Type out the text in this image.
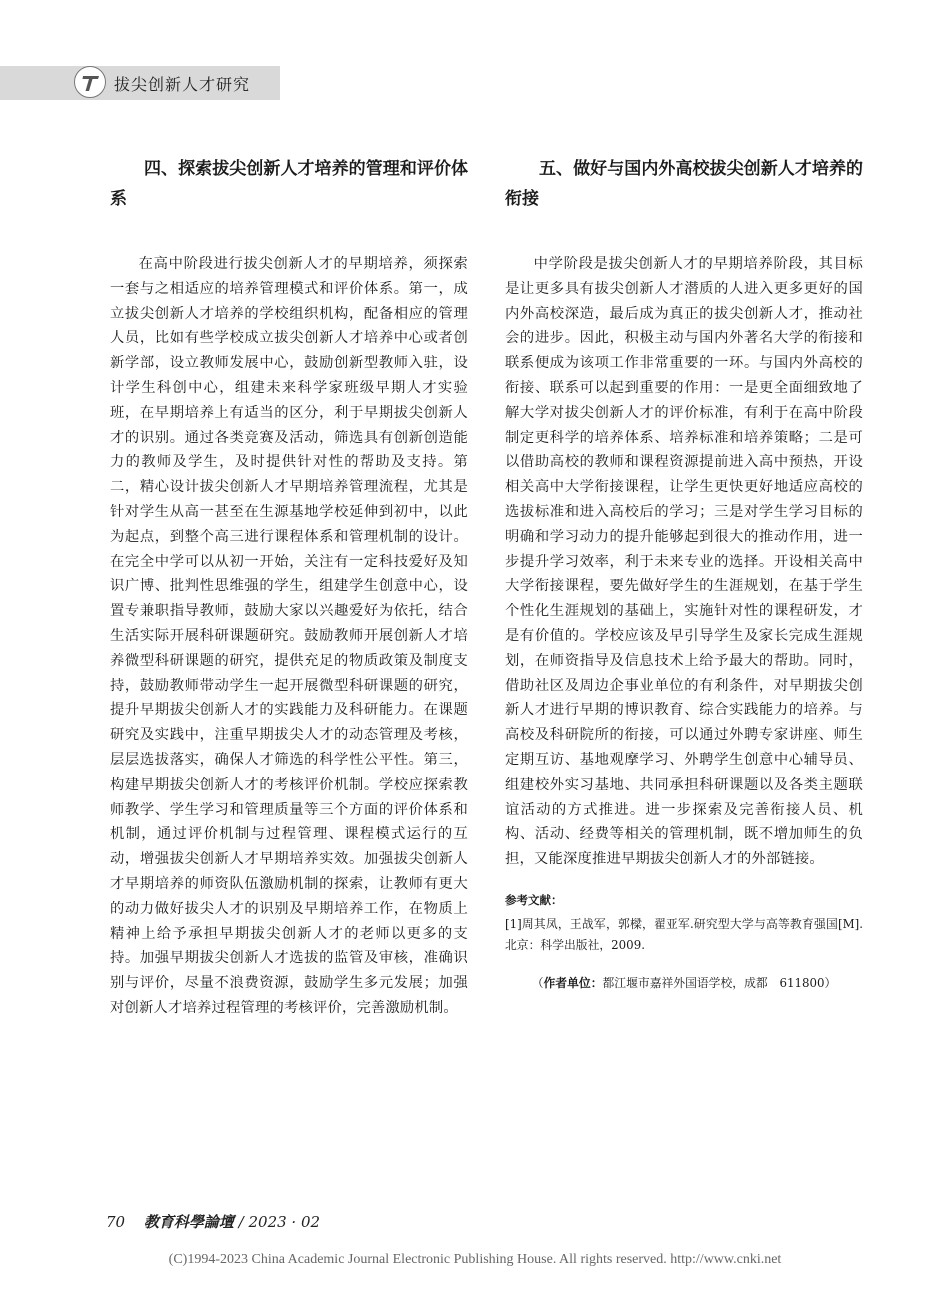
拔尖创新人才研究

四、探索拔尖创新人才培养的管理和评价体系

在高中阶段进行拔尖创新人才的早期培养，须探索一套与之相适应的培养管理模式和评价体系。第一，成立拔尖创新人才培养的学校组织机构，配备相应的管理人员，比如有些学校成立拔尖创新人才培养中心或者创新学部，设立教师发展中心，鼓励创新型教师入驻，设计学生科创中心，组建未来科学家班级早期人才实验班，在早期培养上有适当的区分，利于早期拔尖创新人才的识别。通过各类竞赛及活动，筛选具有创新创造能力的教师及学生，及时提供针对性的帮助及支持。第二，精心设计拔尖创新人才早期培养管理流程，尤其是针对学生从高一甚至在生源基地学校延伸到初中，以此为起点，到整个高三进行课程体系和管理机制的设计。在完全中学可以从初一开始，关注有一定科技爱好及知识广博、批判性思维强的学生，组建学生创意中心，设置专兼职指导教师，鼓励大家以兴趣爱好为依托，结合生活实际开展科研课题研究。鼓励教师开展创新人才培养微型科研课题的研究，提供充足的物质政策及制度支持，鼓励教师带动学生一起开展微型科研课题的研究，提升早期拔尖创新人才的实践能力及科研能力。在课题研究及实践中，注重早期拔尖人才的动态管理及考核，层层选拔落实，确保人才筛选的科学性公平性。第三，构建早期拔尖创新人才的考核评价机制。学校应探索教师教学、学生学习和管理质量等三个方面的评价体系和机制，通过评价机制与过程管理、课程模式运行的互动，增强拔尖创新人才早期培养实效。加强拔尖创新人才早期培养的师资队伍激励机制的探索，让教师有更大的动力做好拔尖人才的识别及早期培养工作，在物质上精神上给予承担早期拔尖创新人才的老师以更多的支持。加强早期拔尖创新人才选拔的监管及审核，准确识别与评价，尽量不浪费资源，鼓励学生多元发展；加强对创新人才培养过程管理的考核评价，完善激励机制。

五、做好与国内外高校拔尖创新人才培养的衔接

中学阶段是拔尖创新人才的早期培养阶段，其目标是让更多具有拔尖创新人才潜质的人进入更多更好的国内外高校深造，最后成为真正的拔尖创新人才，推动社会的进步。因此，积极主动与国内外著名大学的衔接和联系便成为该项工作非常重要的一环。与国内外高校的衔接、联系可以起到重要的作用：一是更全面细致地了解大学对拔尖创新人才的评价标准，有利于在高中阶段制定更科学的培养体系、培养标准和培养策略；二是可以借助高校的教师和课程资源提前进入高中预热，开设相关高中大学衔接课程，让学生更快更好地适应高校的选拔标准和进入高校后的学习；三是对学生学习目标的明确和学习动力的提升能够起到很大的推动作用，进一步提升学习效率，利于未来专业的选择。开设相关高中大学衔接课程，要先做好学生的生涯规划，在基于学生个性化生涯规划的基础上，实施针对性的课程研发，才是有价值的。学校应该及早引导学生及家长完成生涯规划，在师资指导及信息技术上给予最大的帮助。同时，借助社区及周边企事业单位的有利条件，对早期拔尖创新人才进行早期的博识教育、综合实践能力的培养。与高校及科研院所的衔接，可以通过外聘专家讲座、师生定期互访、基地观摩学习、外聘学生创意中心辅导员、组建校外实习基地、共同承担科研课题以及各类主题联谊活动的方式推进。进一步探索及完善衔接人员、机构、活动、经费等相关的管理机制，既不增加师生的负担，又能深度推进早期拔尖创新人才的外部链接。

参考文献：

[1]周其凤，王战军，郭樑，翟亚军.研究型大学与高等教育强国[M].北京：科学出版社，2009.

（作者单位：都江堰市嘉祥外国语学校，成都　611800）
70 教育科學論壇 / 2023 · 02
(C)1994-2023 China Academic Journal Electronic Publishing House. All rights reserved. http://www.cnki.net
